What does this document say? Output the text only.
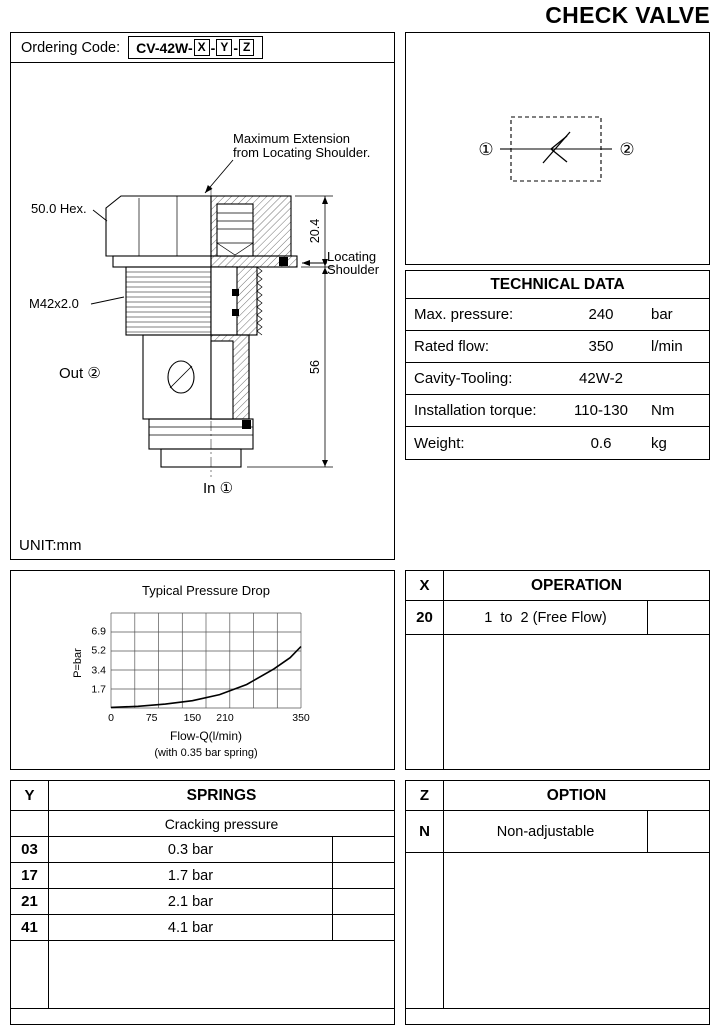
CHECK VALVE
Ordering Code: CV-42W- X - Y - Z
Maximum Extension
from Locating Shoulder.
50.0 Hex.
M42x2.0
Locating
Shoulder
Out ②
In ①
20.4
56
UNIT:mm
①	②
TECHNICAL DATA
Max. pressure:	240	bar
Rated flow:	350	l/min
Cavity-Tooling:	42W-2
Installation torque:	110-130	Nm
Weight:	0.6	kg
Typical Pressure Drop
P=bar
0	75 150 210	350
1.7
3.4
5.2
6.9
Flow-Q(l/min)
(with 0.35 bar spring)
X	OPERATION
20	1  to  2 (Free Flow)
Y	SPRINGS
Cracking pressure
03	0.3 bar
17	1.7 bar
21	2.1 bar
41	4.1 bar
Z	OPTION
N	Non-adjustable
